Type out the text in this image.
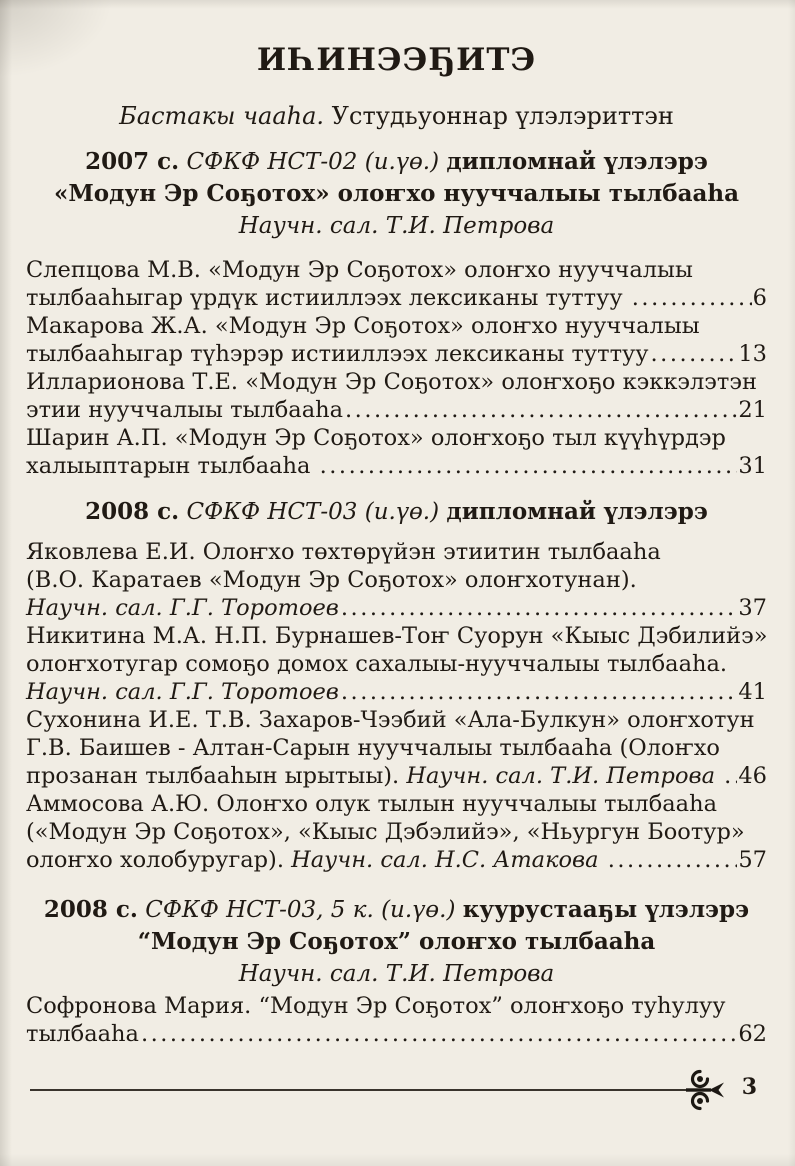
ИҺИНЭЭҔИТЭ
Бастакы чааһа. Устудьуоннар үлэлэриттэн
2007 с. СФКФ НСТ-02 (и.үө.) дипломнай үлэлэрэ
«Модун Эр Соҕотох» олоҥхо нууччалыы тылбааһа
Научн. сал. Т.И. Петрова
Слепцова М.В. «Модун Эр Соҕотох» олоҥхо нууччалыы
тылбааһыгар үрдүк истииллээх лексиканы туттуу .....	6
Макарова Ж.А. «Модун Эр Соҕотох» олоҥхо нууччалыы
тылбааһыгар түһэрэр истииллээх лексиканы туттуу .....	13
Илларионова Т.Е. «Модун Эр Соҕотох» олоҥхоҕо кэккэлэтэн
этии нууччалыы тылбааһа .....	21
Шарин А.П. «Модун Эр Соҕотох» олоҥхоҕо тыл күүһүрдэр
халыыптарын тылбааһа .....	31
2008 с. СФКФ НСТ-03 (и.үө.) дипломнай үлэлэрэ
Яковлева Е.И. Олоҥхо төхтөрүйэн этиитин тылбааһа
(В.О. Каратаев «Модун Эр Соҕотох» олоҥхотунан).
Научн. сал. Г.Г. Торотоев .....	37
Никитина М.А. Н.П. Бурнашев-Тоҥ Суорун «Кыыс Дэбилийэ»
олоҥхотугар сомоҕо домох сахалыы-нууччалыы тылбааһа.
Научн. сал. Г.Г. Торотоев .....	41
Сухонина И.Е. Т.В. Захаров-Чээбий «Ала-Булкун» олоҥхотун
Г.В. Баишев - Алтан-Сарын нууччалыы тылбааһа (Олоҥхо
прозанан тылбааһын ырытыы). Научн. сал. Т.И. Петрова ..... 46
Аммосова А.Ю. Олоҥхо олук тылын нууччалыы тылбааһа
(«Модун Эр Соҕотох», «Кыыс Дэбэлийэ», «Ньургун Боотур»
олоҥхо холобуругар). Научн. сал. Н.С. Атакова .....	57
2008 с. СФКФ НСТ-03, 5 к. (и.үө.) куурустааҕы үлэлэрэ
“Модун Эр Соҕотох” олоҥхо тылбааһа
Научн. сал. Т.И. Петрова
Софронова Мария. “Модун Эр Соҕотох” олоҥхоҕо туһулуу
тылбааһа .....	62
3
